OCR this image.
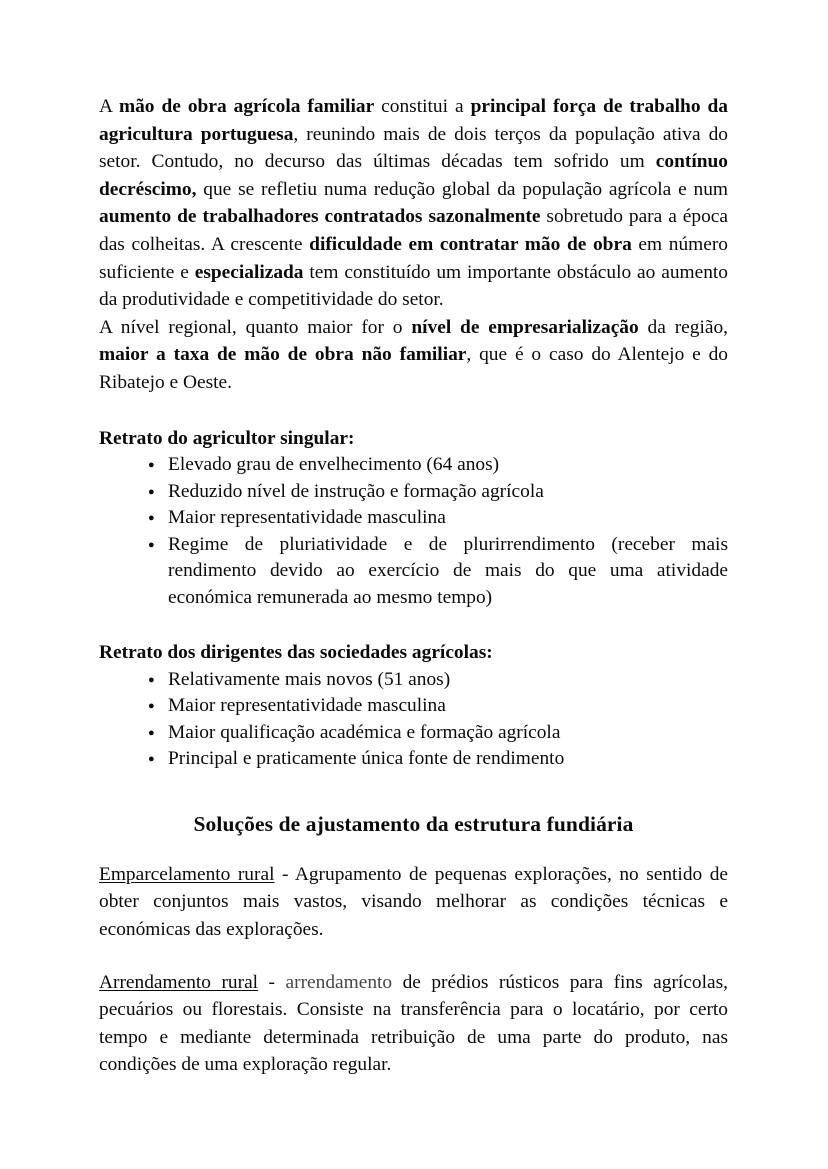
A mão de obra agrícola familiar constitui a principal força de trabalho da agricultura portuguesa, reunindo mais de dois terços da população ativa do setor. Contudo, no decurso das últimas décadas tem sofrido um contínuo decréscimo, que se refletiu numa redução global da população agrícola e num aumento de trabalhadores contratados sazonalmente sobretudo para a época das colheitas. A crescente dificuldade em contratar mão de obra em número suficiente e especializada tem constituído um importante obstáculo ao aumento da produtividade e competitividade do setor.

A nível regional, quanto maior for o nível de empresarialização da região, maior a taxa de mão de obra não familiar, que é o caso do Alentejo e do Ribatejo e Oeste.

Retrato do agricultor singular:
● Elevado grau de envelhecimento (64 anos)
● Reduzido nível de instrução e formação agrícola
● Maior representatividade masculina
● Regime de pluriatividade e de plurirrendimento (receber mais rendimento devido ao exercício de mais do que uma atividade económica remunerada ao mesmo tempo)
Retrato dos dirigentes das sociedades agrícolas:
● Relativamente mais novos (51 anos)
● Maior representatividade masculina
● Maior qualificação académica e formação agrícola
● Principal e praticamente única fonte de rendimento
Soluções de ajustamento da estrutura fundiária

Emparcelamento rural - Agrupamento de pequenas explorações, no sentido de obter conjuntos mais vastos, visando melhorar as condições técnicas e económicas das explorações.

Arrendamento rural - arrendamento de prédios rústicos para fins agrícolas, pecuários ou florestais. Consiste na transferência para o locatário, por certo tempo e mediante determinada retribuição de uma parte do produto, nas condições de uma exploração regular.
